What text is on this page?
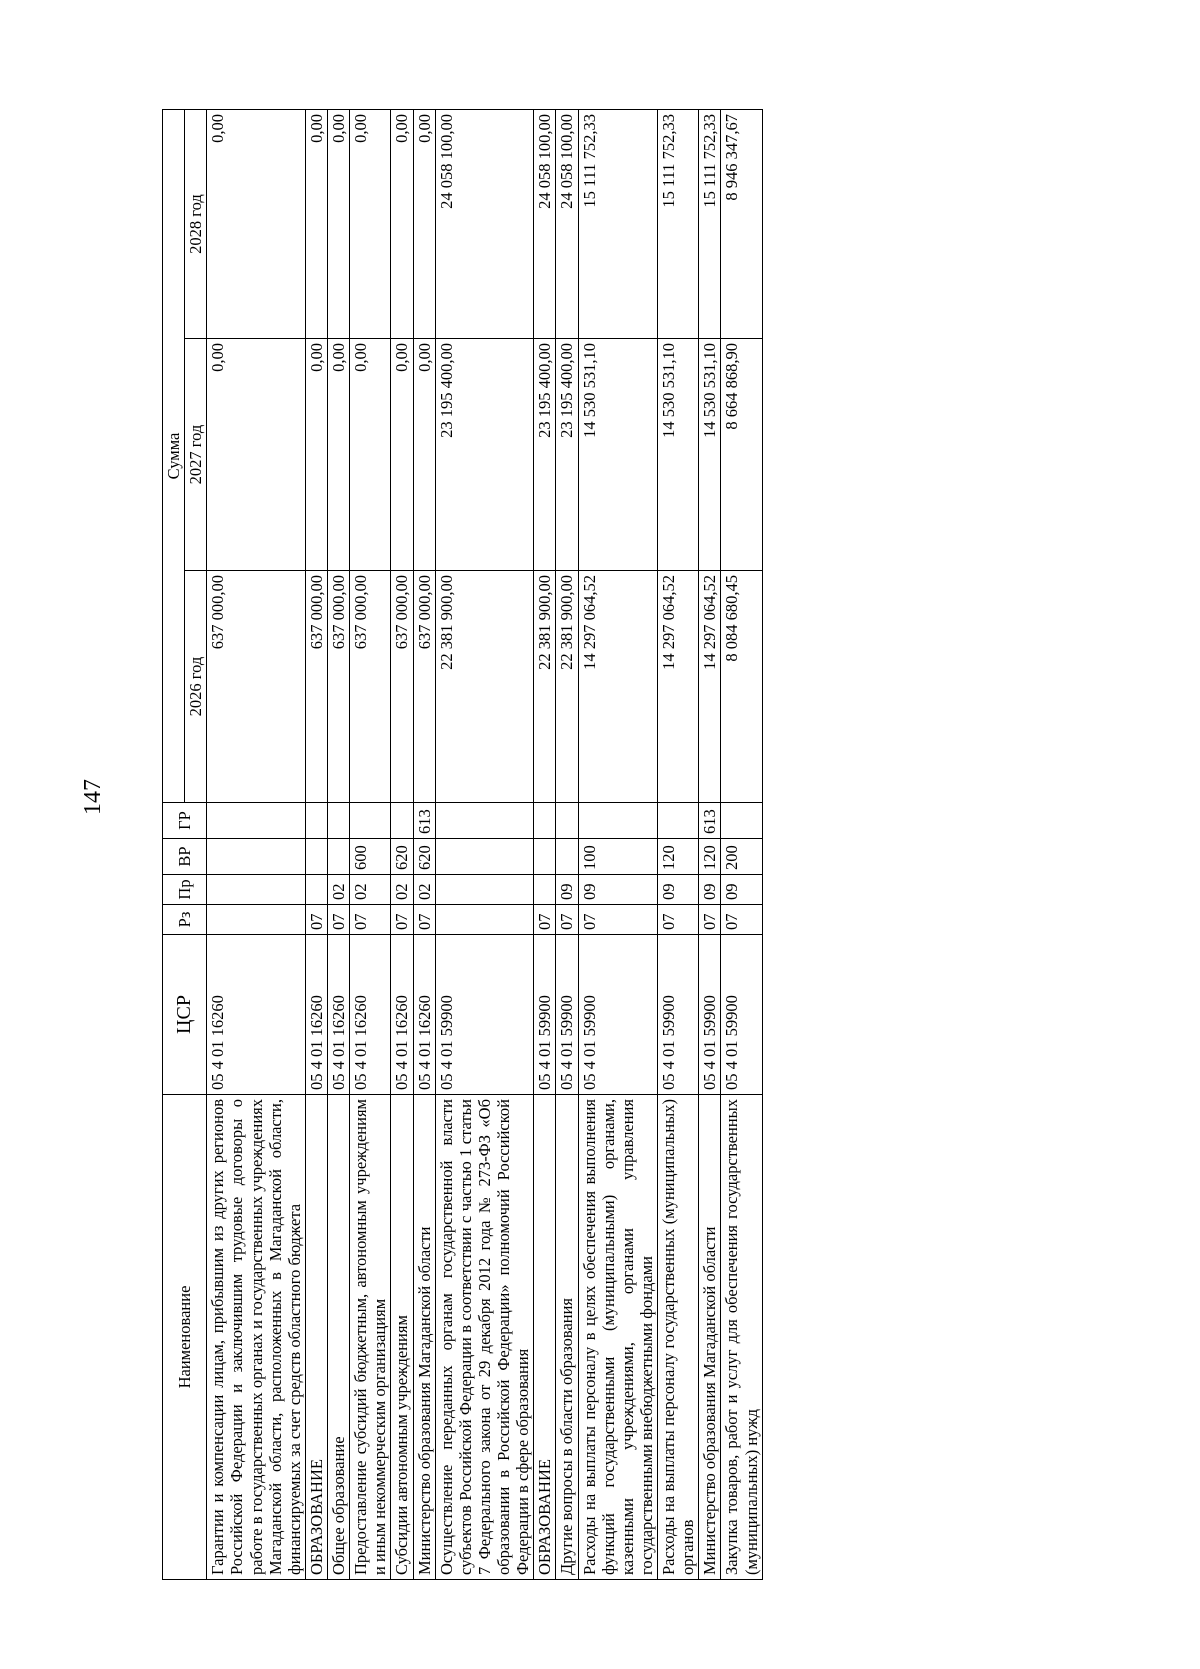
147
Наименование	ЦСР	Рз	Пр	ВР	ГР	Сумма		
						2026 год	2027 год	2028 год
Гарантии и компенсации лицам, прибывшим из других регионов Российской Федерации и заключившим трудовые договоры о работе в государственных органах и государственных учреждениях Магаданской области, расположенных в Магаданской области, финансируемых за счет средств областного бюджета	05 4 01 16260					637 000,00	0,00	0,00
ОБРАЗОВАНИЕ	05 4 01 16260	07				637 000,00	0,00	0,00
Общее образование	05 4 01 16260	07	02			637 000,00	0,00	0,00
Предоставление субсидий бюджетным, автономным учреждениям и иным некоммерческим организациям	05 4 01 16260	07	02	600		637 000,00	0,00	0,00
Субсидии автономным учреждениям	05 4 01 16260	07	02	620		637 000,00	0,00	0,00
Министерство образования Магаданской области	05 4 01 16260	07	02	620	613	637 000,00	0,00	0,00
Осуществление переданных органам государственной власти субъектов Российской Федерации в соответствии с частью 1 статьи 7 Федерального закона от 29 декабря 2012 года № 273-ФЗ «Об образовании в Российской Федерации» полномочий Российской Федерации в сфере образования	05 4 01 59900					22 381 900,00	23 195 400,00	24 058 100,00
ОБРАЗОВАНИЕ	05 4 01 59900	07				22 381 900,00	23 195 400,00	24 058 100,00
Другие вопросы в области образования	05 4 01 59900	07	09			22 381 900,00	23 195 400,00	24 058 100,00
Расходы на выплаты персоналу в целях обеспечения выполнения функций государственными (муниципальными) органами, казенными учреждениями, органами управления государственными внебюджетными фондами	05 4 01 59900	07	09	100		14 297 064,52	14 530 531,10	15 111 752,33
Расходы на выплаты персоналу государственных (муниципальных) органов	05 4 01 59900	07	09	120		14 297 064,52	14 530 531,10	15 111 752,33
Министерство образования Магаданской области	05 4 01 59900	07	09	120	613	14 297 064,52	14 530 531,10	15 111 752,33
Закупка товаров, работ и услуг для обеспечения государственных (муниципальных) нужд	05 4 01 59900	07	09	200		8 084 680,45	8 664 868,90	8 946 347,67
